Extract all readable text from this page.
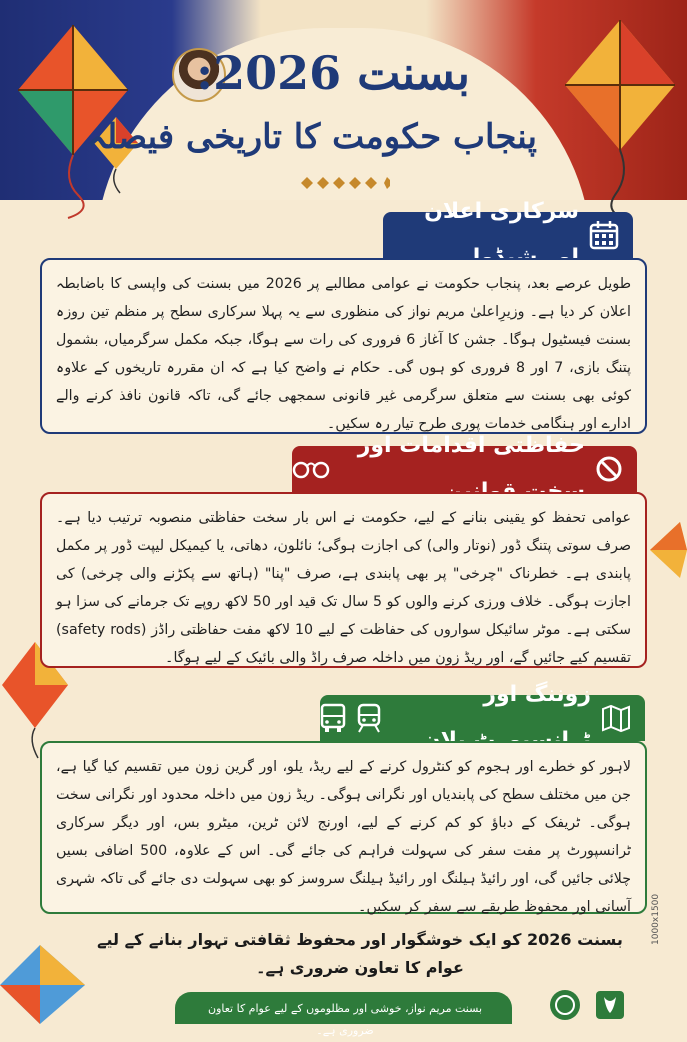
بسنت 2026:
پنجاب حکومت کا تاریخی فیصلہ
سرکاری اعلان

طویل عرصے بعد، پنجاب حکومت نے عوامی مطالبے پر 2026 میں بسنت کی واپسی کا باضابطہ اعلان کر دیا ہے۔ وزیرِاعلیٰ مریم نواز کی منظوری سے یہ پہلا سرکاری سطح پر منظم تین روزہ بسنت فیسٹیول ہوگا۔ جشن کا آغاز 6 فروری کی رات سے ہوگا، جبکہ مکمل سرگرمیاں، بشمول پتنگ بازی، 7 اور 8 فروری کو ہوں گی۔ حکام نے واضح کیا ہے کہ ان مقررہ تاریخوں کے علاوہ کوئی بھی بسنت سے متعلق سرگرمی غیر قانونی سمجھی جائے گی، تاکہ قانون نافذ کرنے والے ادارے اور ہنگامی خدمات پوری طرح تیار رہ سکیں۔

حفاظتی اقدامات اور

عوامی تحفظ کو یقینی بنانے کے لیے، حکومت نے اس بار سخت حفاظتی منصوبہ ترتیب دیا ہے۔ صرف سوتی پتنگ ڈور (نوتار والی) کی اجازت ہوگی؛ نائلون، دھاتی، یا کیمیکل لیپت ڈور پر مکمل پابندی ہے۔ خطرناک "چرخی" پر بھی پابندی ہے، صرف "پنا" (ہاتھ سے پکڑنے والی چرخی) کی اجازت ہوگی۔ خلاف ورزی کرنے والوں کو 5 سال تک قید اور 50 لاکھ روپے تک جرمانے کی سزا ہو سکتی ہے۔ موٹر سائیکل سواروں کی حفاظت کے لیے 10 لاکھ مفت حفاظتی راڈز (safety rods) تقسیم کیے جائیں گے، اور ریڈ زون میں داخلہ صرف راڈ والی بائیک کے لیے ہوگا۔

زوننگ اور

لاہور کو خطرے اور ہجوم کو کنٹرول کرنے کے لیے ریڈ، یلو، اور گرین زون میں تقسیم کیا گیا ہے، جن میں مختلف سطح کی پابندیاں اور نگرانی ہوگی۔ ریڈ زون میں داخلہ محدود اور نگرانی سخت ہوگی۔ ٹریفک کے دباؤ کو کم کرنے کے لیے، اورنج لائن ٹرین، میٹرو بس، اور دیگر سرکاری ٹرانسپورٹ پر مفت سفر کی سہولت فراہم کی جائے گی۔ اس کے علاوہ، 500 اضافی بسیں چلائی جائیں گی، اور رائیڈ ہیلنگ اور رائیڈ ہیلنگ سروسز کو بھی سہولت دی جائے گی تاکہ شہری آسانی اور محفوظ طریقے سے سفر کر سکیں۔

بسنت 2026 کو ایک خوشگوار اور محفوظ ثقافتی تہوار بنانے کے لیے عوام کا تعاون ضروری ہے۔

بسنت مریم نواز، خوشی اور مظلوموں کے لیے عوام کا تعاون ضروری ہے۔

1000x1500
